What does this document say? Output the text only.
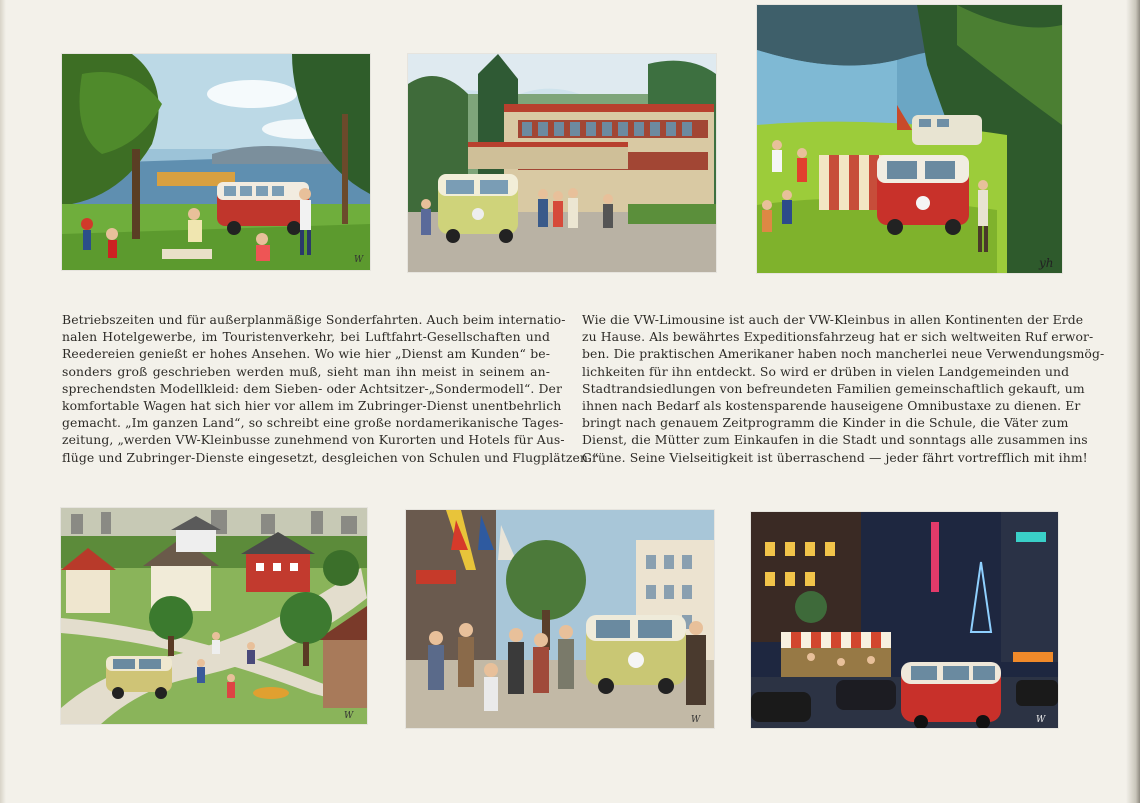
W	yh
Betriebszeiten und für außerplanmäßige Sonderfahrten. Auch beim internatio-
nalen Hotelgewerbe, im Touristenverkehr, bei Luftfahrt-Gesellschaften und
Reedereien genießt er hohes Ansehen. Wo wie hier „Dienst am Kunden“ be-
sonders groß geschrieben werden muß, sieht man ihn meist in seinem an-
sprechendsten Modellkleid: dem Sieben- oder Achtsitzer-„Sondermodell“. Der
komfortable Wagen hat sich hier vor allem im Zubringer-Dienst unentbehrlich
gemacht. „Im ganzen Land“, so schreibt eine große nordamerikanische Tages-
zeitung, „werden VW-Kleinbusse zunehmend von Kurorten und Hotels für Aus-
flüge und Zubringer-Dienste eingesetzt, desgleichen von Schulen und Flugplätzen.“
Wie die VW-Limousine ist auch der VW-Kleinbus in allen Kontinenten der Erde
zu Hause. Als bewährtes Expeditionsfahrzeug hat er sich weltweiten Ruf erwor-
ben. Die praktischen Amerikaner haben noch mancherlei neue Verwendungsmög-
lichkeiten für ihn entdeckt. So wird er drüben in vielen Landgemeinden und
Stadtrandsiedlungen von befreundeten Familien gemeinschaftlich gekauft, um
ihnen nach Bedarf als kostensparende hauseigene Omnibustaxe zu dienen. Er
bringt nach genauem Zeitprogramm die Kinder in die Schule, die Väter zum
Dienst, die Mütter zum Einkaufen in die Stadt und sonntags alle zusammen ins
Grüne. Seine Vielseitigkeit ist überraschend — jeder fährt vortrefflich mit ihm!
W	W	W
